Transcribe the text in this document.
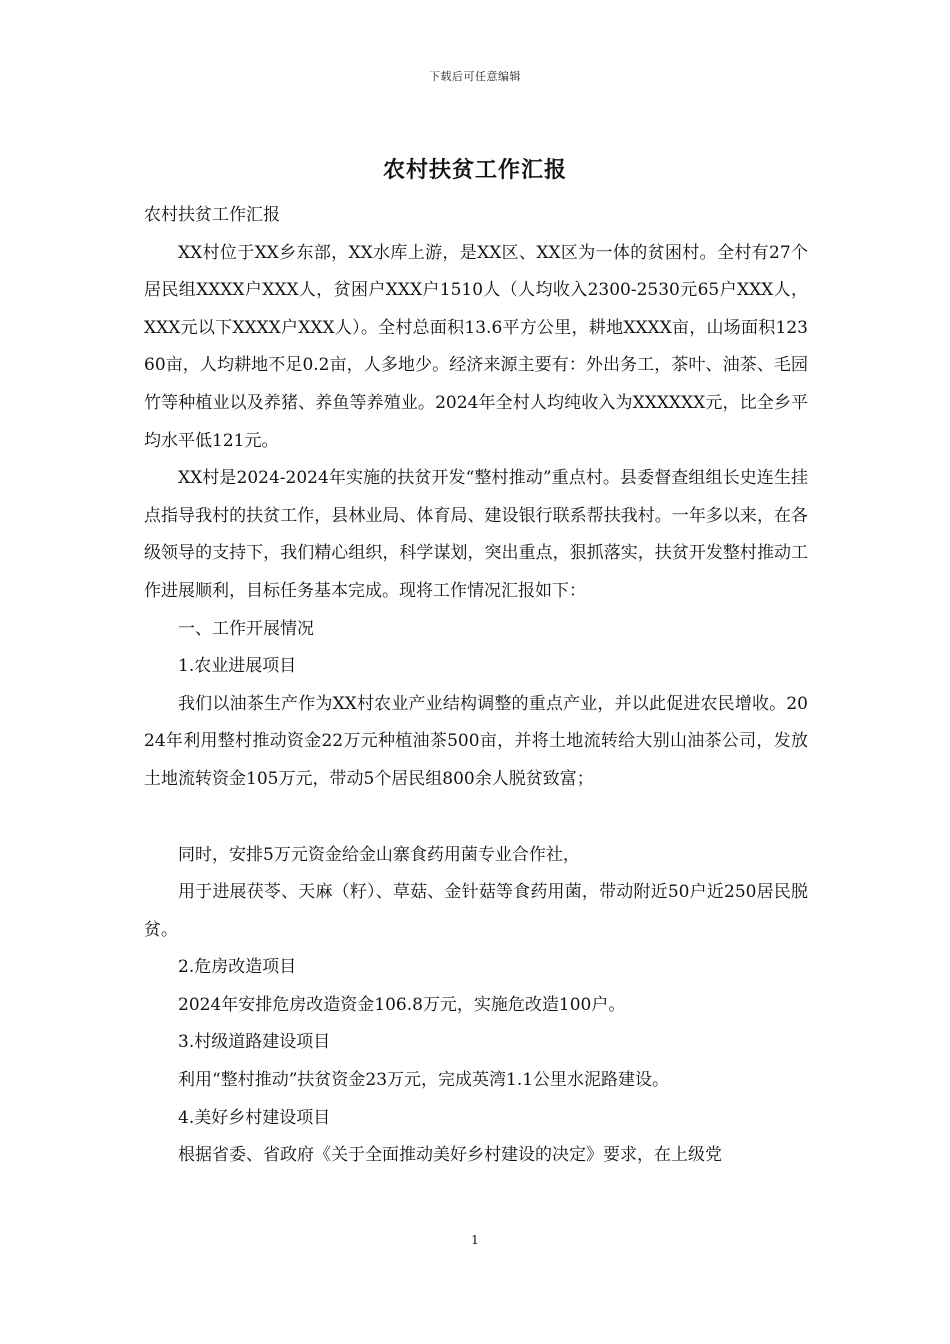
下载后可任意编辑
农村扶贫工作汇报

农村扶贫工作汇报

XX村位于XX乡东部，XX水库上游，是XX区、XX区为一体的贫困村。全村有27个居民组XXXX户XXX人，贫困户XXX户1510人（人均收入2300-2530元65户XXX人，XXX元以下XXXX户XXX人）。全村总面积13.6平方公里，耕地XXXX亩，山场面积12360亩，人均耕地不足0.2亩，人多地少。经济来源主要有：外出务工，茶叶、油茶、毛园竹等种植业以及养猪、养鱼等养殖业。2024年全村人均纯收入为XXXXXX元，比全乡平均水平低121元。

XX村是2024-2024年实施的扶贫开发“整村推动”重点村。县委督查组组长史连生挂点指导我村的扶贫工作，县林业局、体育局、建设银行联系帮扶我村。一年多以来，在各级领导的支持下，我们精心组织，科学谋划，突出重点，狠抓落实，扶贫开发整村推动工作进展顺利，目标任务基本完成。现将工作情况汇报如下：

一、工作开展情况

1.农业进展项目

我们以油茶生产作为XX村农业产业结构调整的重点产业，并以此促进农民增收。2024年利用整村推动资金22万元种植油茶500亩，并将土地流转给大别山油茶公司，发放土地流转资金105万元，带动5个居民组800余人脱贫致富；

同时，安排5万元资金给金山寨食药用菌专业合作社，

用于进展茯苓、天麻（籽）、草菇、金针菇等食药用菌，带动附近50户近250居民脱贫。

2.危房改造项目

2024年安排危房改造资金106.8万元，实施危改造100户。

3.村级道路建设项目

利用“整村推动”扶贫资金23万元，完成英湾1.1公里水泥路建设。

4.美好乡村建设项目

根据省委、省政府《关于全面推动美好乡村建设的决定》要求，在上级党

1
